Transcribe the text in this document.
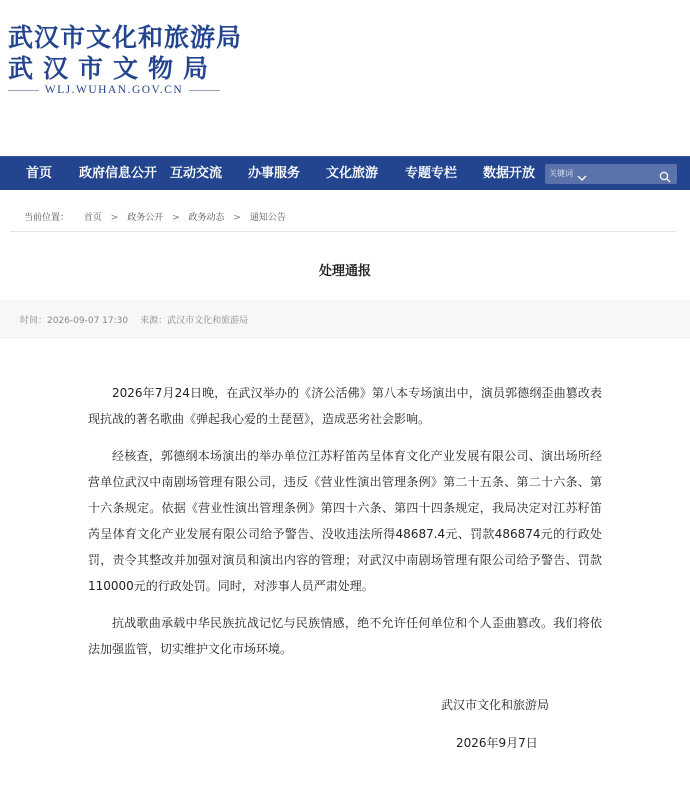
武汉市文化和旅游局
武汉市文物局
WLJ.WUHAN.GOV.CN
首页 政府信息公开 互动交流 办事服务 文化旅游 专题专栏 数据开放 关键词
当前位置： 首页 > 政务公开 > 政务动态 > 通知公告
处理通报
时间：2026-09-07 17:30 来源：武汉市文化和旅游局

2026年7月24日晚，在武汉举办的《济公活佛》第八本专场演出中，演员郭德纲歪曲篡改表现抗战的著名歌曲《弹起我心爱的土琵琶》，造成恶劣社会影响。

经核查，郭德纲本场演出的举办单位江苏籽笛芮呈体育文化产业发展有限公司、演出场所经营单位武汉中南剧场管理有限公司，违反《营业性演出管理条例》第二十五条、第二十六条、第十六条规定。依据《营业性演出管理条例》第四十六条、第四十四条规定，我局决定对江苏籽笛芮呈体育文化产业发展有限公司给予警告、没收违法所得48687.4元、罚款486874元的行政处罚，责令其整改并加强对演员和演出内容的管理；对武汉中南剧场管理有限公司给予警告、罚款110000元的行政处罚。同时，对涉事人员严肃处理。

抗战歌曲承载中华民族抗战记忆与民族情感，绝不允许任何单位和个人歪曲篡改。我们将依法加强监管，切实维护文化市场环境。

武汉市文化和旅游局
2026年9月7日
